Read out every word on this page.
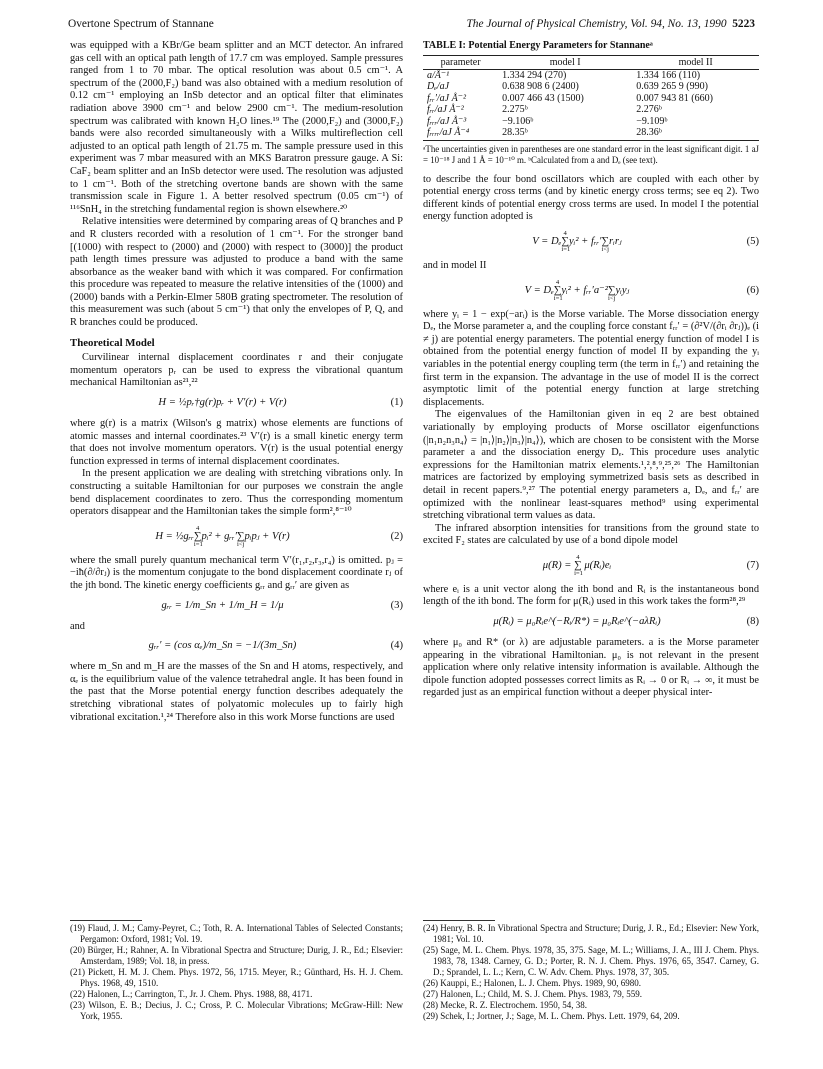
Overtone Spectrum of Stannane	The Journal of Physical Chemistry, Vol. 94, No. 13, 1990 5223

was equipped with a KBr/Ge beam splitter and an MCT detector. An infrared gas cell with an optical path length of 17.7 cm was employed. Sample pressures ranged from 1 to 70 mbar. The optical resolution was about 0.5 cm⁻¹. A spectrum of the (2000,F₂) band was also obtained with a medium resolution of 0.12 cm⁻¹ employing an InSb detector and an optical filter that eliminates radiation above 3900 cm⁻¹ and below 2900 cm⁻¹. The medium-resolution spectrum was calibrated with known H₂O lines.¹⁹ The (2000,F₂) and (3000,F₂) bands were also recorded simultaneously with a Wilks multireflection cell adjusted to an optical path length of 21.75 m. The sample pressure used in this experiment was 7 mbar measured with an MKS Baratron pressure gauge. A Si: CaF₂ beam splitter and an InSb detector were used. The resolution was adjusted to 1 cm⁻¹. Both of the stretching overtone bands are shown with the same transmission scale in Figure 1. A better resolved spectrum (0.05 cm⁻¹) of ¹¹⁶SnH₄ in the stretching fundamental region is shown elsewhere.²⁰

Relative intensities were determined by comparing areas of Q branches and P and R clusters recorded with a resolution of 1 cm⁻¹. For the stronger band [(1000) with respect to (2000) and (2000) with respect to (3000)] the product path length times pressure was adjusted to produce a band with the same absorbance as the weaker band with which it was compared. For confirmation this procedure was repeated to measure the relative intensities of the (1000) and (2000) bands with a Perkin-Elmer 580B grating spectrometer. The resolution of this measurement was such (about 5 cm⁻¹) that only the envelopes of P, Q, and R branches could be produced.

Theoretical Model

Curvilinear internal displacement coordinates r and their conjugate momentum operators pᵣ can be used to express the vibrational quantum mechanical Hamiltonian as²¹,²²

H = ½pᵣ†g(r)pᵣ + V′(r) + V(r)	(1)

where g(r) is a matrix (Wilson's g matrix) whose elements are functions of atomic masses and internal coordinates.²³ V′(r) is a small kinetic energy term that does not involve momentum operators. V(r) is the usual potential energy function expressed in terms of internal displacement coordinates.

In the present application we are dealing with stretching vibrations only. In constructing a suitable Hamiltonian for our purposes we constrain the angle bend displacement coordinates to zero. Thus the corresponding momentum operators disappear and the Hamiltonian takes the simple form²,⁸⁻¹⁰

H = ½gᵣᵣ
4
∑
i=1
pᵢ² + gᵣᵣ′∑
i<j
pᵢpⱼ + V(r)	(2)

where the small purely quantum mechanical term V′(r₁,r₂,r₃,r₄) is omitted. pⱼ = −iħ(∂/∂rⱼ) is the momentum conjugate to the bond displacement coordinate rⱼ of the jth bond. The kinetic energy coefficients gᵣᵣ and gᵣᵣ′ are given as

gᵣᵣ = 1/m_Sn + 1/m_H = 1/μ	(3)

and

gᵣᵣ′ = (cos αₑ)/m_Sn = −1/(3m_Sn)	(4)

where m_Sn and m_H are the masses of the Sn and H atoms, respectively, and αₑ is the equilibrium value of the valence tetrahedral angle. It has been found in the past that the Morse potential energy function describes adequately the stretching vibrational states of polyatomic molecules up to fairly high vibrational excitation.¹,²⁴ Therefore also in this work Morse functions are used

TABLE I: Potential Energy Parameters for Stannaneᵃ
parameter	model I	model II
a/Å⁻¹	1.334 294 (270)	1.334 166 (110)
Dₑ/aJ	0.638 908 6 (2400)	0.639 265 9 (990)
fᵣᵣ′/aJ Å⁻²	0.007 466 43 (1500)	0.007 943 81 (660)
fᵣᵣ/aJ Å⁻²	2.275ᵇ	2.276ᵇ
fᵣᵣᵣ/aJ Å⁻³	−9.106ᵇ	−9.109ᵇ
fᵣᵣᵣᵣ/aJ Å⁻⁴	28.35ᵇ	28.36ᵇ
ᵃThe uncertainties given in parentheses are one standard error in the least significant digit. 1 aJ = 10⁻¹⁸ J and 1 Å = 10⁻¹⁰ m. ᵇCalculated from a and Dₑ (see text).

to describe the four bond oscillators which are coupled with each other by potential energy cross terms (and by kinetic energy cross terms; see eq 2). Two different kinds of potential energy cross terms are used. In model I the potential energy function adopted is

V = Dₑ
4
∑
i=1
yᵢ² + fᵣᵣ′∑
i<j
rᵢrⱼ	(5)

and in model II

V = Dₑ
4
∑
i=1
yᵢ² + fᵣᵣ′a⁻²∑
i<j
yᵢyⱼ	(6)

where yᵢ = 1 − exp(−arᵢ) is the Morse variable. The Morse dissociation energy Dₑ, the Morse parameter a, and the coupling force constant fᵣᵣ′ = (∂²V/(∂rᵢ ∂rⱼ))ₑ (i ≠ j) are potential energy parameters. The potential energy function of model I is obtained from the potential energy function of model II by expanding the yᵢ variables in the potential energy coupling term (the term in fᵣᵣ′) and retaining the first term in the expansion. The advantage in the use of model II is the correct asymptotic limit of the potential energy function at large stretching displacements.

The eigenvalues of the Hamiltonian given in eq 2 are best obtained variationally by employing products of Morse oscillator eigenfunctions (|n₁n₂n₃n₄⟩ = |n₁⟩|n₂⟩|n₃⟩|n₄⟩), which are chosen to be consistent with the Morse parameter a and the dissociation energy Dₑ. This procedure uses analytic expressions for the Hamiltonian matrix elements.¹,²,⁸,⁹,²⁵,²⁶ The Hamiltonian matrices are factorized by employing symmetrized basis sets as described in detail in recent papers.⁹,²⁷ The potential energy parameters a, Dₑ, and fᵣᵣ′ are optimized with the nonlinear least-squares method⁹ using experimental stretching vibrational term values as data.

The infrared absorption intensities for transitions from the ground state to excited F₂ states are calculated by use of a bond dipole model

μ(R) =
4
∑
i=1
μ(Rᵢ)eᵢ	(7)

where eᵢ is a unit vector along the ith bond and Rᵢ is the instantaneous bond length of the ith bond. The form for μ(Rᵢ) used in this work takes the form²⁸,²⁹

μ(Rᵢ) = μ₀Rᵢe^(−Rᵢ/R*) = μ₀Rᵢe^(−aλRᵢ)	(8)

where μ₀ and R* (or λ) are adjustable parameters. a is the Morse parameter appearing in the vibrational Hamiltonian. μ₀ is not relevant in the present application where only relative intensity information is available. Although the dipole function adopted possesses correct limits as Rᵢ → 0 or Rᵢ → ∞, it must be regarded just as an empirical function without a deeper physical inter-

(19) Flaud, J. M.; Camy-Peyret, C.; Toth, R. A. International Tables of Selected Constants; Pergamon: Oxford, 1981; Vol. 19.
(20) Bürger, H.; Rahner, A. In Vibrational Spectra and Structure; Durig, J. R., Ed.; Elsevier: Amsterdam, 1989; Vol. 18, in press.
(21) Pickett, H. M. J. Chem. Phys. 1972, 56, 1715. Meyer, R.; Günthard, Hs. H. J. Chem. Phys. 1968, 49, 1510.
(22) Halonen, L.; Carrington, T., Jr. J. Chem. Phys. 1988, 88, 4171.
(23) Wilson, E. B.; Decius, J. C.; Cross, P. C. Molecular Vibrations; McGraw-Hill: New York, 1955.
(24) Henry, B. R. In Vibrational Spectra and Structure; Durig, J. R., Ed.; Elsevier: New York, 1981; Vol. 10.
(25) Sage, M. L. Chem. Phys. 1978, 35, 375. Sage, M. L.; Williams, J. A., III J. Chem. Phys. 1983, 78, 1348. Carney, G. D.; Porter, R. N. J. Chem. Phys. 1976, 65, 3547. Carney, G. D.; Sprandel, L. L.; Kern, C. W. Adv. Chem. Phys. 1978, 37, 305.
(26) Kauppi, E.; Halonen, L. J. Chem. Phys. 1989, 90, 6980.
(27) Halonen, L.; Child, M. S. J. Chem. Phys. 1983, 79, 559.
(28) Mecke, R. Z. Electrochem. 1950, 54, 38.
(29) Schek, I.; Jortner, J.; Sage, M. L. Chem. Phys. Lett. 1979, 64, 209.
